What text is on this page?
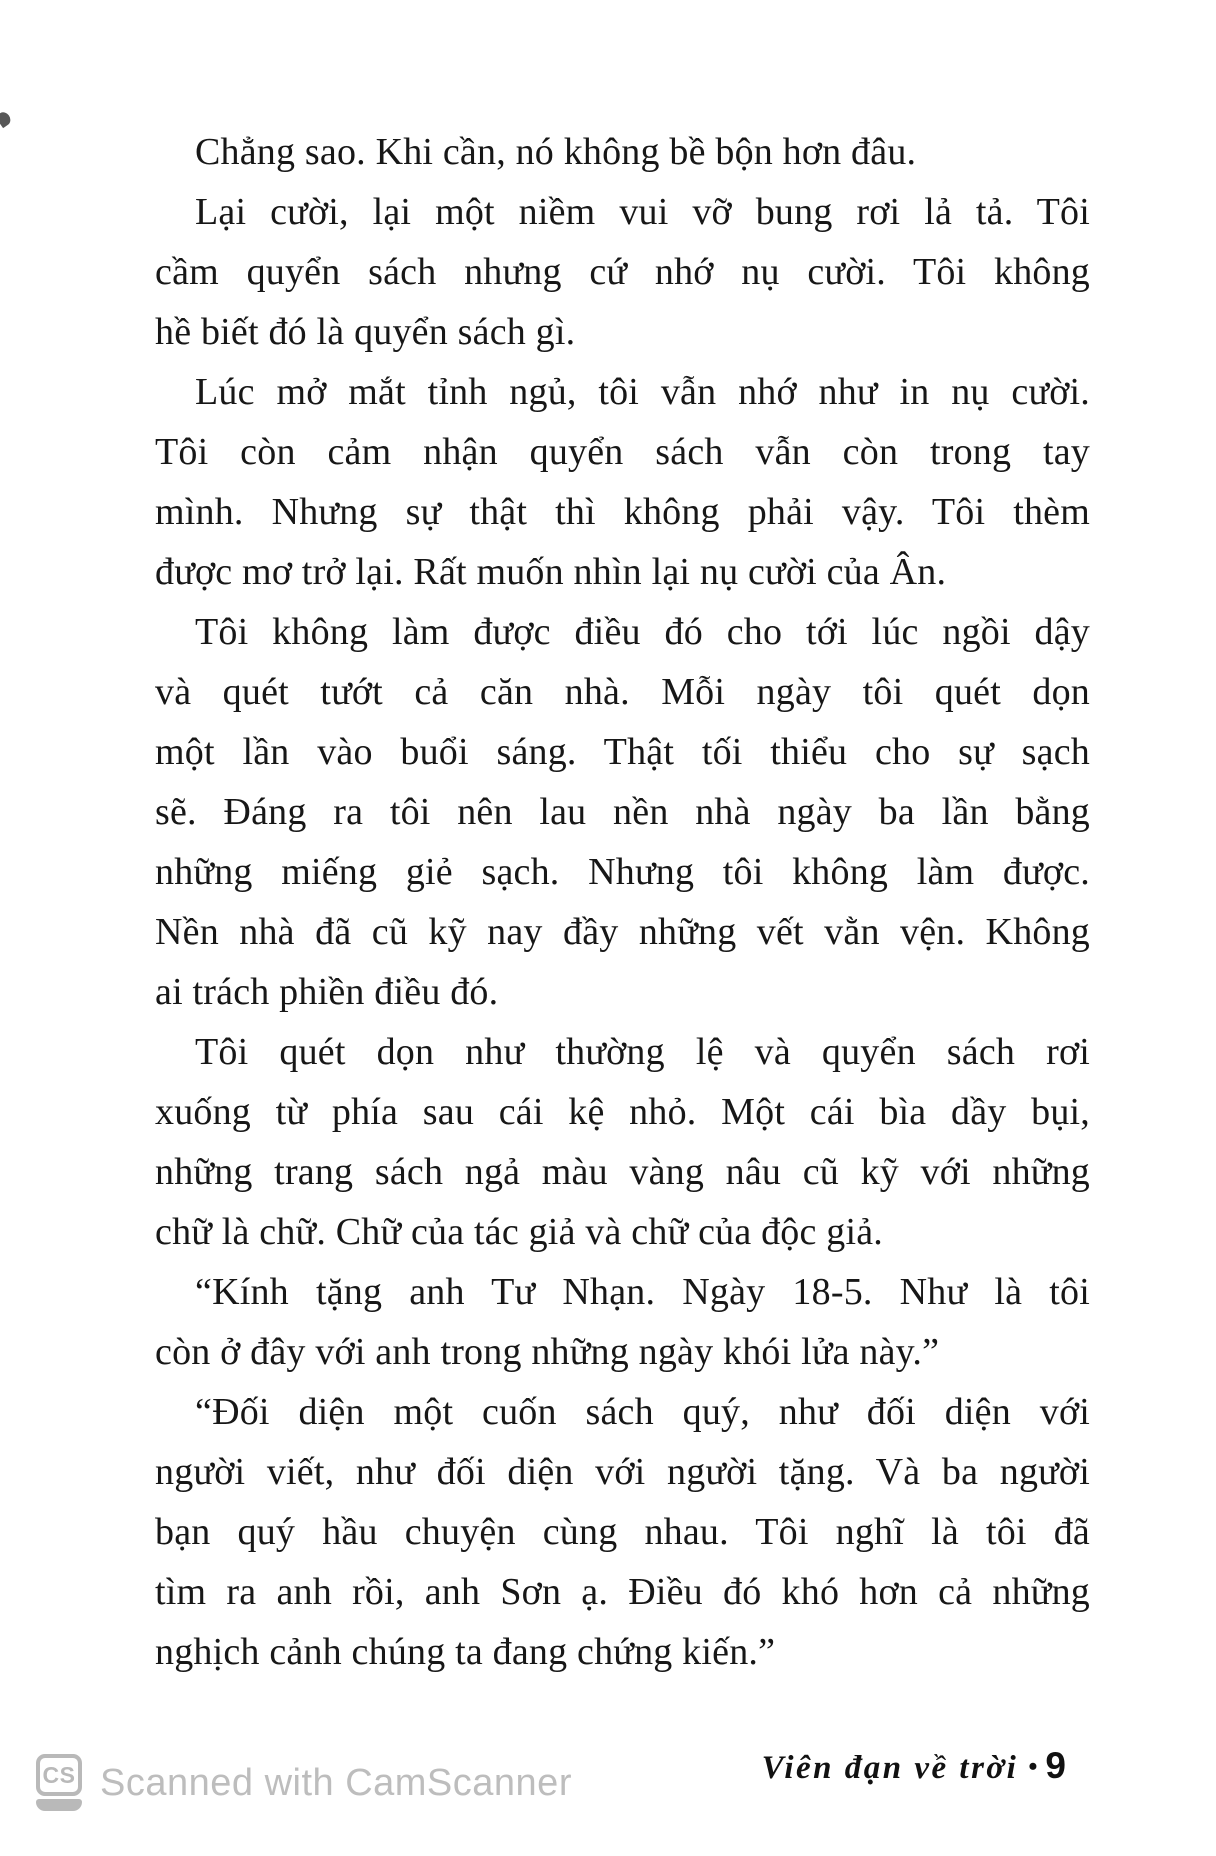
Chẳng sao. Khi cần, nó không bề bộn hơn đâu.

Lại cười, lại một niềm vui vỡ bung rơi lả tả. Tôi
cầm quyển sách nhưng cứ nhớ nụ cười. Tôi không
hề biết đó là quyển sách gì.

Lúc mở mắt tỉnh ngủ, tôi vẫn nhớ như in nụ cười.
Tôi còn cảm nhận quyển sách vẫn còn trong tay
mình. Nhưng sự thật thì không phải vậy. Tôi thèm
được mơ trở lại. Rất muốn nhìn lại nụ cười của Ân.

Tôi không làm được điều đó cho tới lúc ngồi dậy
và quét tướt cả căn nhà. Mỗi ngày tôi quét dọn
một lần vào buổi sáng. Thật tối thiểu cho sự sạch
sẽ. Đáng ra tôi nên lau nền nhà ngày ba lần bằng
những miếng giẻ sạch. Nhưng tôi không làm được.
Nền nhà đã cũ kỹ nay đầy những vết vằn vện. Không
ai trách phiền điều đó.

Tôi quét dọn như thường lệ và quyển sách rơi
xuống từ phía sau cái kệ nhỏ. Một cái bìa dầy bụi,
những trang sách ngả màu vàng nâu cũ kỹ với những
chữ là chữ. Chữ của tác giả và chữ của độc giả.

“Kính tặng anh Tư Nhạn. Ngày 18-5. Như là tôi
còn ở đây với anh trong những ngày khói lửa này.”

“Đối diện một cuốn sách quý, như đối diện với
người viết, như đối diện với người tặng. Và ba người
bạn quý hầu chuyện cùng nhau. Tôi nghĩ là tôi đã
tìm ra anh rồi, anh Sơn ạ. Điều đó khó hơn cả những
nghịch cảnh chúng ta đang chứng kiến.”

Viên đạn về trời • 9
CS Scanned with CamScanner
